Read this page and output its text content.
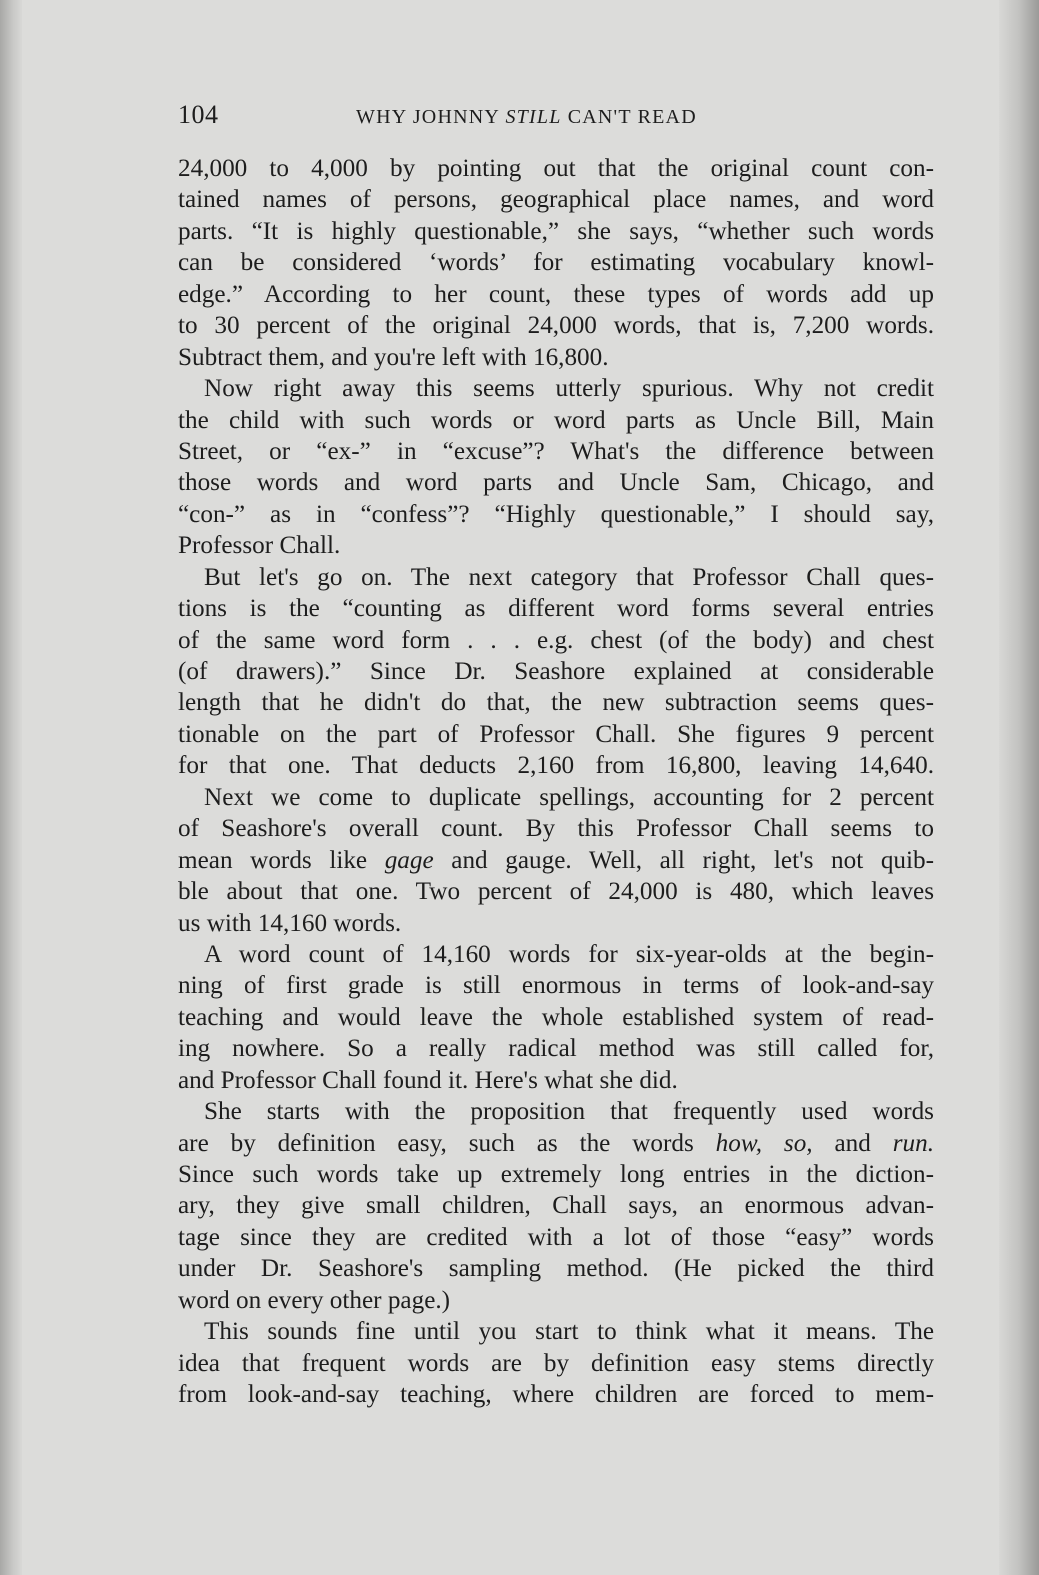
104	WHY JOHNNY STILL CAN'T READ
24,000 to 4,000 by pointing out that the original count con-
tained names of persons, geographical place names, and word
parts. “It is highly questionable,” she says, “whether such words
can be considered ‘words’ for estimating vocabulary knowl-
edge.” According to her count, these types of words add up
to 30 percent of the original 24,000 words, that is, 7,200 words.
Subtract them, and you're left with 16,800.
Now right away this seems utterly spurious. Why not credit
the child with such words or word parts as Uncle Bill, Main
Street, or “ex-” in “excuse”? What's the difference between
those words and word parts and Uncle Sam, Chicago, and
“con-” as in “confess”? “Highly questionable,” I should say,
Professor Chall.
But let's go on. The next category that Professor Chall ques-
tions is the “counting as different word forms several entries
of the same word form . . . e.g. chest (of the body) and chest
(of drawers).” Since Dr. Seashore explained at considerable
length that he didn't do that, the new subtraction seems ques-
tionable on the part of Professor Chall. She figures 9 percent
for that one. That deducts 2,160 from 16,800, leaving 14,640.
Next we come to duplicate spellings, accounting for 2 percent
of Seashore's overall count. By this Professor Chall seems to
mean words like gage and gauge. Well, all right, let's not quib-
ble about that one. Two percent of 24,000 is 480, which leaves
us with 14,160 words.
A word count of 14,160 words for six-year-olds at the begin-
ning of first grade is still enormous in terms of look-and-say
teaching and would leave the whole established system of read-
ing nowhere. So a really radical method was still called for,
and Professor Chall found it. Here's what she did.
She starts with the proposition that frequently used words
are by definition easy, such as the words how, so, and run.
Since such words take up extremely long entries in the diction-
ary, they give small children, Chall says, an enormous advan-
tage since they are credited with a lot of those “easy” words
under Dr. Seashore's sampling method. (He picked the third
word on every other page.)
This sounds fine until you start to think what it means. The
idea that frequent words are by definition easy stems directly
from look-and-say teaching, where children are forced to mem-
